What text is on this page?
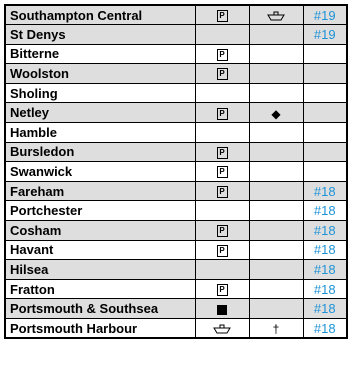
Southampton Central	P		#19
St Denys			#19
Bitterne	P		
Woolston	P		
Sholing			
Netley	P	◆	
Hamble			
Bursledon	P		
Swanwick	P		
Fareham	P		#18
Portchester			#18
Cosham	P		#18
Havant	P		#18
Hilsea			#18
Fratton	P		#18
Portsmouth & Southsea			#18
Portsmouth Harbour		†	#18
